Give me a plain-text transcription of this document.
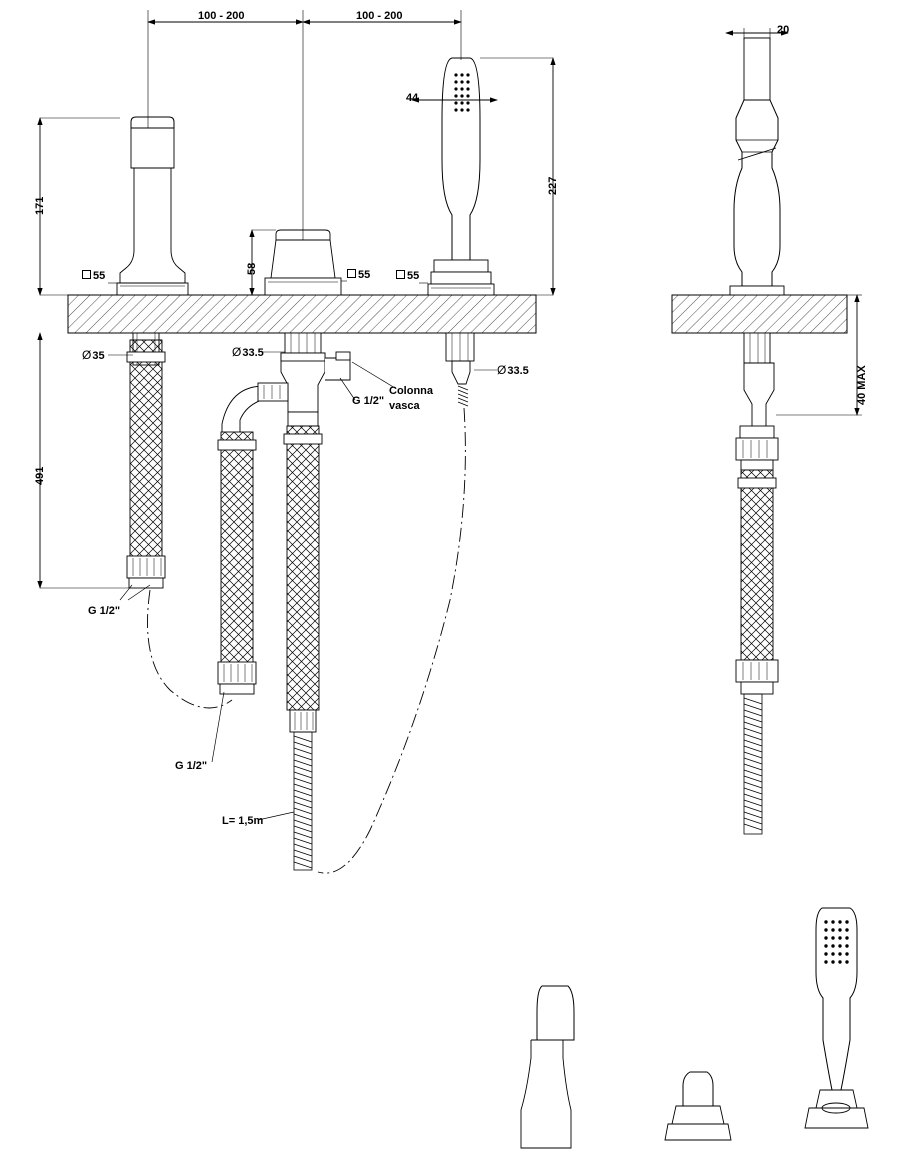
100 - 200	100 - 200
171
491
58
227
40 MAX
44
20
55	55	55
Ø35	Ø33.5
Ø33.5
G 1/2"
G 1/2"
G 1/2"
Colonna
vasca
L= 1,5m
